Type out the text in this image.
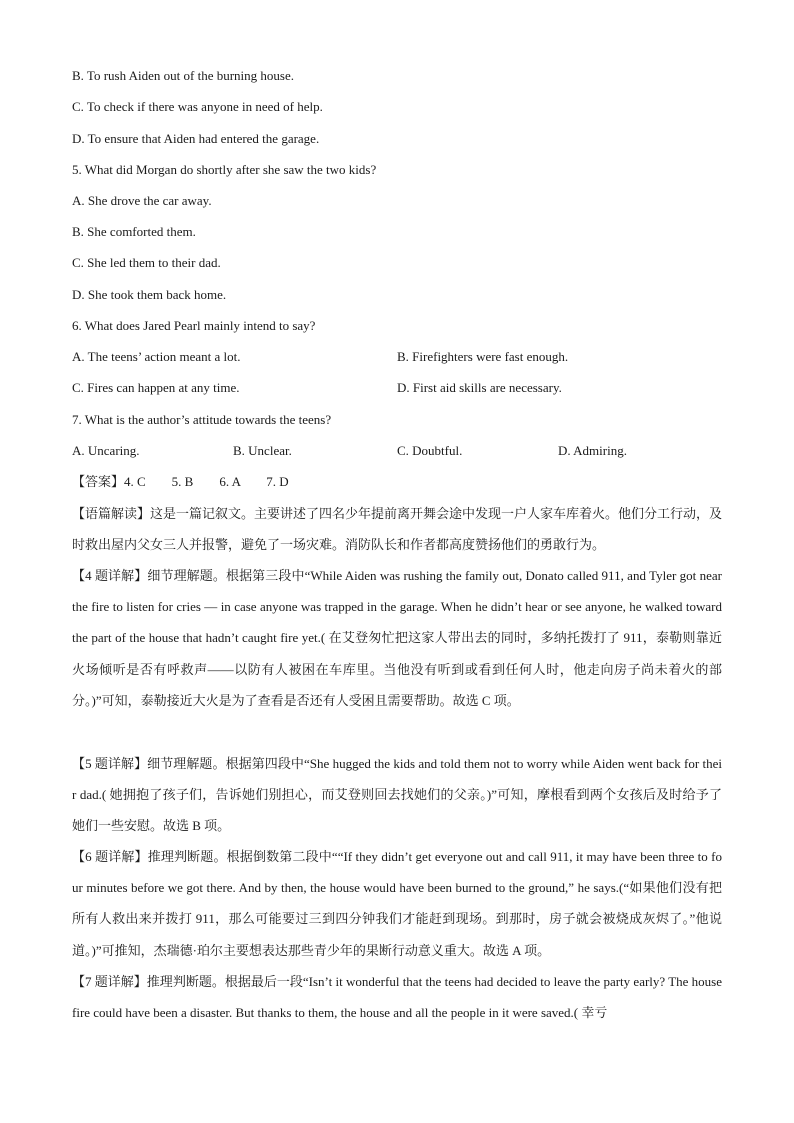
B. To rush Aiden out of the burning house.
C. To check if there was anyone in need of help.
D. To ensure that Aiden had entered the garage.
5. What did Morgan do shortly after she saw the two kids?
A. She drove the car away.
B. She comforted them.
C. She led them to their dad.
D. She took them back home.
6. What does Jared Pearl mainly intend to say?
A. The teens’ action meant a lot.	B. Firefighters were fast enough.
C. Fires can happen at any time.	D. First aid skills are necessary.
7. What is the author’s attitude towards the teens?
A. Uncaring.	B. Unclear.	C. Doubtful.	D. Admiring.
【答案】4. C        5. B        6. A        7. D
【语篇解读】这是一篇记叙文。主要讲述了四名少年提前离开舞会途中发现一户人家车库着火。他们分工行动，及时救出屋内父女三人并报警，避免了一场灾难。消防队长和作者都高度赞扬他们的勇敢行为。
【4 题详解】细节理解题。根据第三段中“While Aiden was rushing the family out, Donato called 911, and Tyler got near the fire to listen for cries — in case anyone was trapped in the garage. When he didn’t hear or see anyone, he walked toward the part of the house that hadn’t caught fire yet.( 在艾登匆忙把这家人带出去的同时，多纳托拨打了 911，泰勒则靠近火场倾听是否有呼救声——以防有人被困在车库里。当他没有听到或看到任何人时，他走向房子尚未着火的部分。)”可知，泰勒接近大火是为了查看是否还有人受困且需要帮助。故选 C 项。
【5 题详解】细节理解题。根据第四段中“She hugged the kids and told them not to worry while Aiden went back for their dad.( 她拥抱了孩子们，告诉她们别担心，而艾登则回去找她们的父亲。)”可知，摩根看到两个女孩后及时给予了她们一些安慰。故选 B 项。
【6 题详解】推理判断题。根据倒数第二段中““If they didn’t get everyone out and call 911, it may have been three to four minutes before we got there. And by then, the house would have been burned to the ground,” he says.(“如果他们没有把所有人救出来并拨打 911，那么可能要过三到四分钟我们才能赶到现场。到那时，房子就会被烧成灰烬了。”他说道。)”可推知，杰瑞德·珀尔主要想表达那些青少年的果断行动意义重大。故选 A 项。
【7 题详解】推理判断题。根据最后一段“Isn’t it wonderful that the teens had decided to leave the party early? The house fire could have been a disaster. But thanks to them, the house and all the people in it were saved.( 幸亏
